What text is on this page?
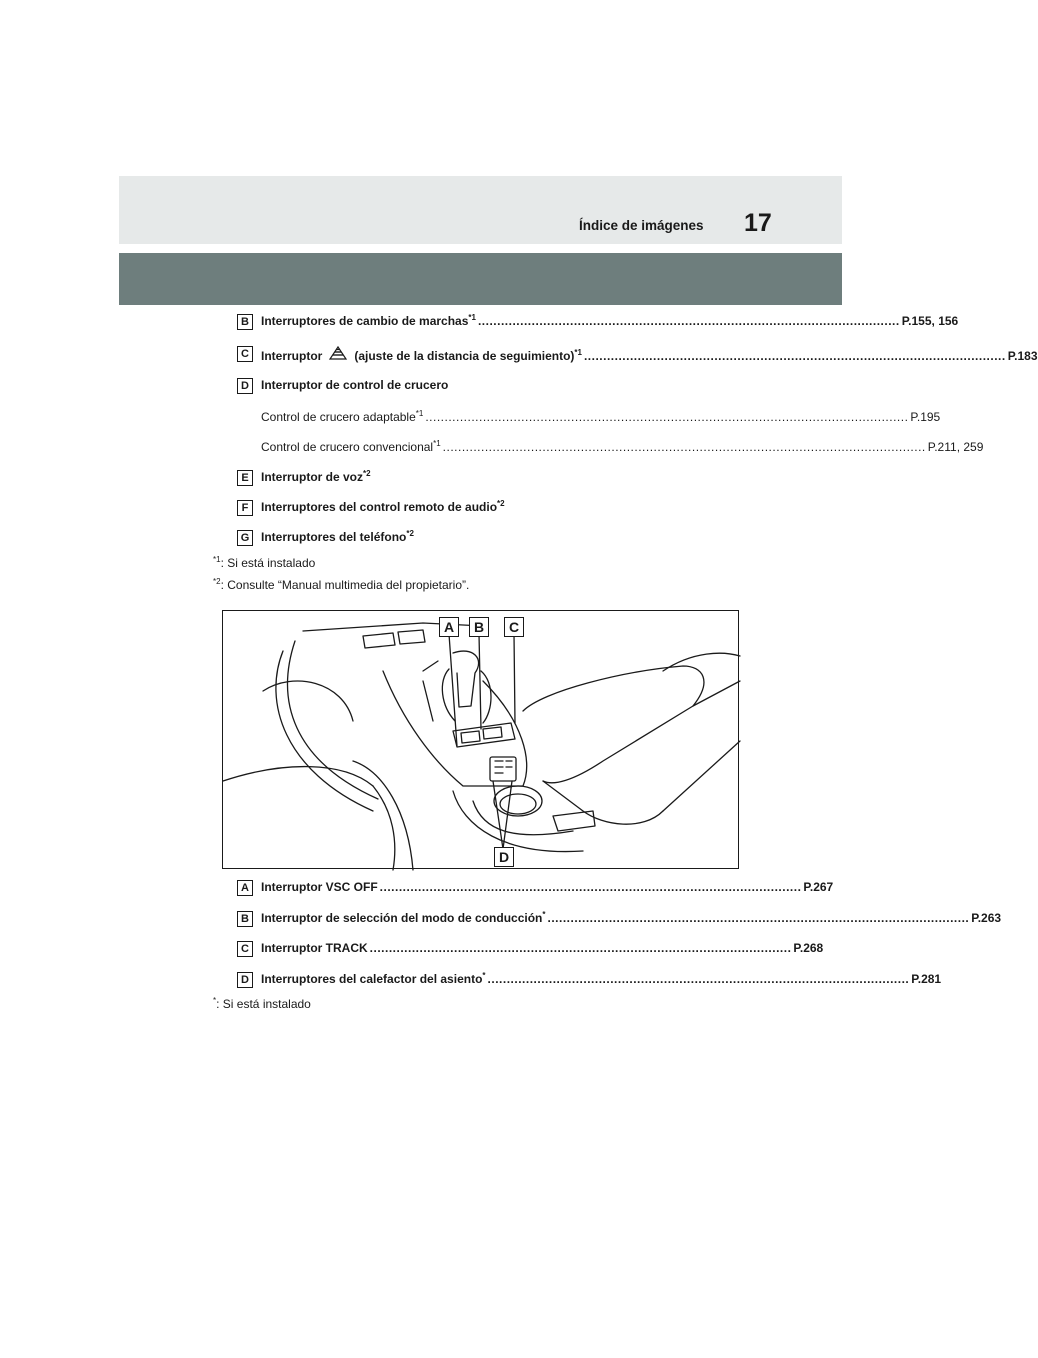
Índice de imágenes 17
B	Interruptores de cambio de marchas *1 .............................................................................................................. P.155, 156
C	Interruptor	(ajuste de la distancia de seguimiento) *1 .............................................................................................................. P.183
D	Interruptor de control de crucero
Control de crucero adaptable *1 .............................................................................................................................. P.195
Control de crucero convencional *1 .............................................................................................................................. P.211, 259
E	Interruptor de voz *2
F	Interruptores del control remoto de audio *2
G Interruptores del teléfono *2
$^{*1}$: Si está instalado
$^{*2}$: Consulte “Manual multimedia del propietario”.
A	B	C
D
A	Interruptor VSC OFF .............................................................................................................. P.267
B	Interruptor de selección del modo de conducción * .............................................................................................................. P.263
C	Interruptor TRACK .............................................................................................................. P.268
D	Interruptores del calefactor del asiento * .............................................................................................................. P.281
*: Si está instalado
